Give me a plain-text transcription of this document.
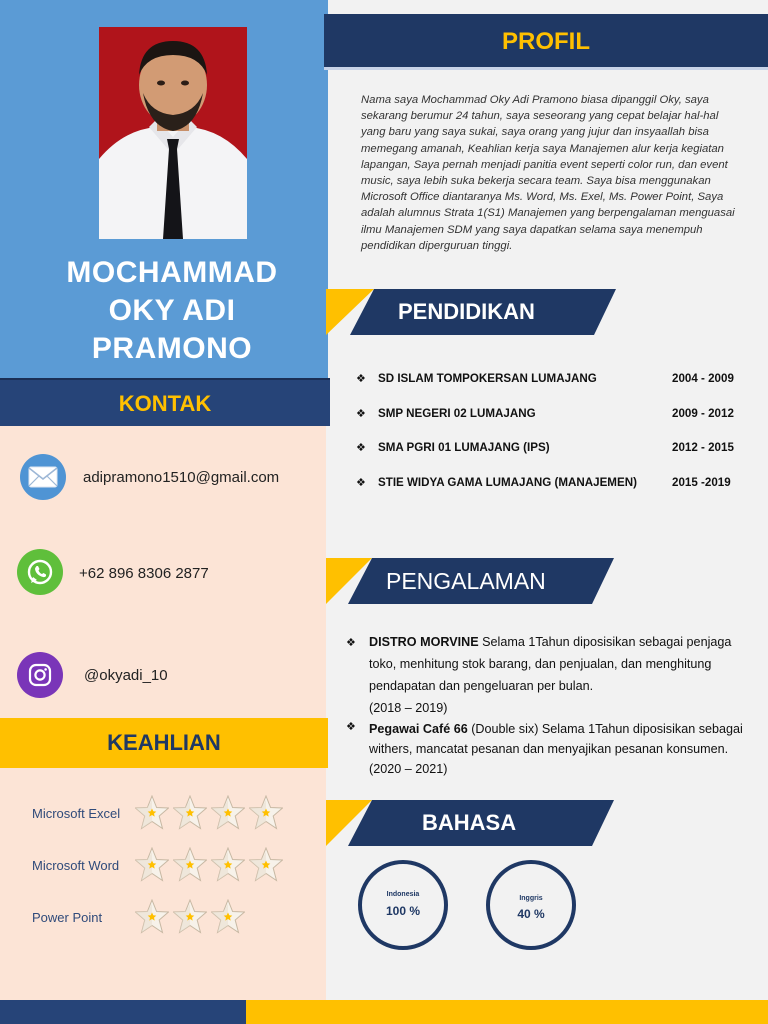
MOCHAMMAD
OKY ADI
PRAMONO
KONTAK
adipramono1510@gmail.com
+62 896 8306 2877
@okyadi_10
KEAHLIAN
Microsoft Excel
Microsoft Word
Power Point
PROFIL
Nama saya Mochammad Oky Adi Pramono biasa dipanggil Oky, saya sekarang berumur 24 tahun, saya seseorang yang cepat belajar hal-hal yang baru yang saya sukai, saya orang yang jujur dan insyaallah bisa memegang amanah, Keahlian kerja saya Manajemen alur kerja kegiatan lapangan, Saya pernah menjadi panitia event seperti color run, dan event music, saya lebih suka bekerja secara team. Saya bisa menggunakan Microsoft Office diantaranya Ms. Word, Ms. Exel, Ms. Power Point, Saya adalah alumnus Strata 1(S1) Manajemen yang berpengalaman menguasai ilmu Manajemen SDM yang saya dapatkan selama saya menempuh pendidikan diperguruan tinggi.
PENDIDIKAN
❖ SD ISLAM TOMPOKERSAN LUMAJANG	2004 - 2009
❖ SMP NEGERI 02 LUMAJANG	2009 - 2012
❖ SMA PGRI 01 LUMAJANG (IPS)	2012 - 2015
❖ STIE WIDYA GAMA LUMAJANG (MANAJEMEN)	2015 -2019
PENGALAMAN
❖ DISTRO MORVINE Selama 1Tahun diposisikan sebagai penjaga toko, menhitung stok barang, dan penjualan, dan menghitung pendapatan dan pengeluaran per bulan.
(2018 – 2019)
❖ Pegawai Café 66 (Double six) Selama 1Tahun diposisikan sebagai withers, mancatat pesanan dan menyajikan pesanan konsumen. (2020 – 2021)
BAHASA
Indonesia
100 %
Inggris
40 %
